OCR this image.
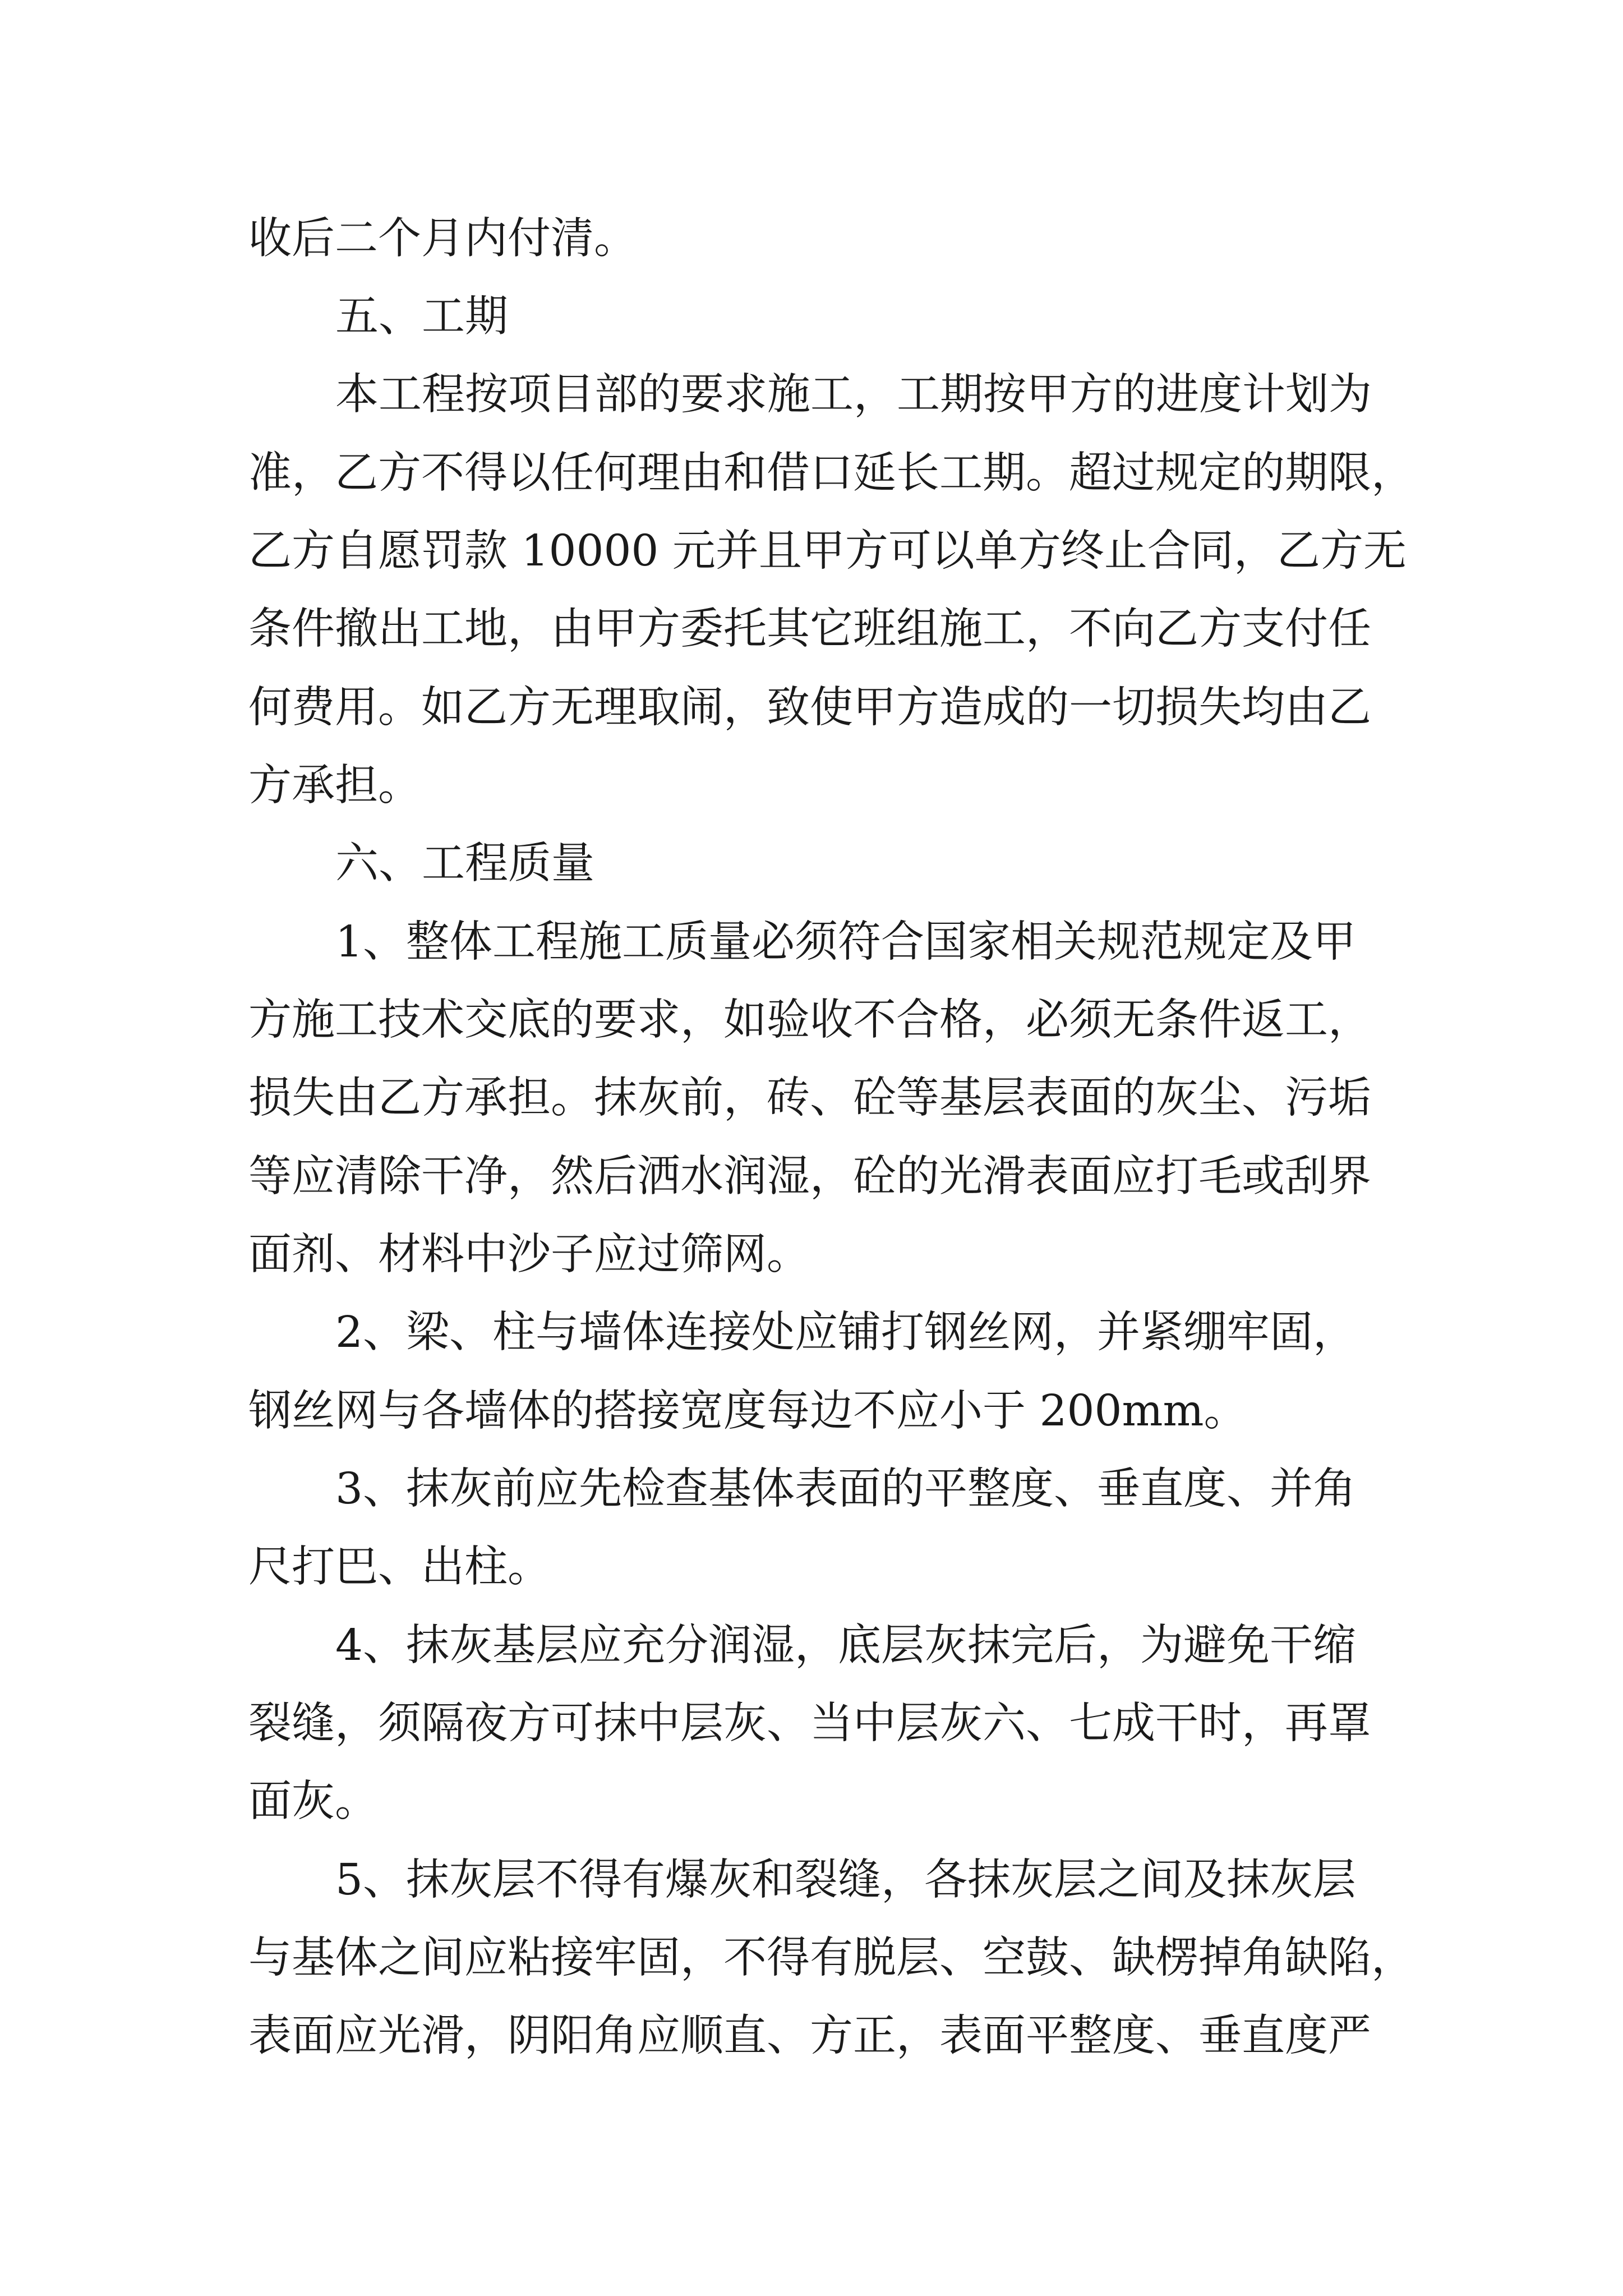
收后二个月内付清。
五、工期
本工程按项目部的要求施工，工期按甲方的进度计划为
准，乙方不得以任何理由和借口延长工期。超过规定的期限，
乙方自愿罚款 10000 元并且甲方可以单方终止合同，乙方无
条件撤出工地，由甲方委托其它班组施工，不向乙方支付任
何费用。如乙方无理取闹，致使甲方造成的一切损失均由乙
方承担。
六、工程质量
1、整体工程施工质量必须符合国家相关规范规定及甲
方施工技术交底的要求，如验收不合格，必须无条件返工，
损失由乙方承担。抹灰前，砖、砼等基层表面的灰尘、污垢
等应清除干净，然后洒水润湿，砼的光滑表面应打毛或刮界
面剂、材料中沙子应过筛网。
2、梁、柱与墙体连接处应铺打钢丝网，并紧绷牢固，
钢丝网与各墙体的搭接宽度每边不应小于 200mm。
3、抹灰前应先检查基体表面的平整度、垂直度、并角
尺打巴、出柱。
4、抹灰基层应充分润湿，底层灰抹完后，为避免干缩
裂缝，须隔夜方可抹中层灰、当中层灰六、七成干时，再罩
面灰。
5、抹灰层不得有爆灰和裂缝，各抹灰层之间及抹灰层
与基体之间应粘接牢固，不得有脱层、空鼓、缺楞掉角缺陷，
表面应光滑，阴阳角应顺直、方正，表面平整度、垂直度严
